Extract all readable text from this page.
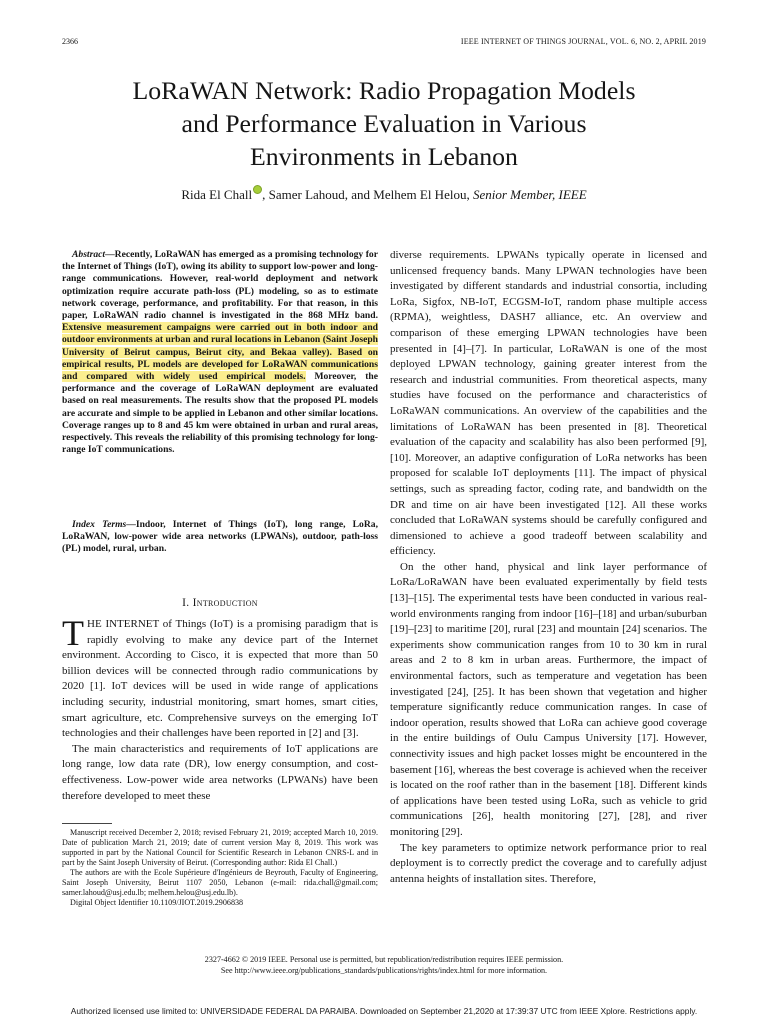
2366	IEEE INTERNET OF THINGS JOURNAL, VOL. 6, NO. 2, APRIL 2019
LoRaWAN Network: Radio Propagation Models
and Performance Evaluation in Various
Environments in Lebanon
Rida El Chall , Samer Lahoud, and Melhem El Helou, Senior Member, IEEE
Abstract—Recently, LoRaWAN has emerged as a promising technology for the Internet of Things (IoT), owing its ability to support low-power and long-range communications. However, real-world deployment and network optimization require accurate path-loss (PL) modeling, so as to estimate network coverage, performance, and profitability. For that reason, in this paper, LoRaWAN radio channel is investigated in the 868 MHz band. Extensive measurement campaigns were carried out in both indoor and outdoor environments at urban and rural locations in Lebanon (Saint Joseph University of Beirut campus, Beirut city, and Bekaa valley). Based on empirical results, PL models are developed for LoRaWAN communications and compared with widely used empirical models. Moreover, the performance and the coverage of LoRaWAN deployment are evaluated based on real measurements. The results show that the proposed PL models are accurate and simple to be applied in Lebanon and other similar locations. Coverage ranges up to 8 and 45 km were obtained in urban and rural areas, respectively. This reveals the reliability of this promising technology for long-range IoT communications.
Index Terms—Indoor, Internet of Things (IoT), long range, LoRa, LoRaWAN, low-power wide area networks (LPWANs), outdoor, path-loss (PL) model, rural, urban.
I. Introduction

THE INTERNET of Things (IoT) is a promising paradigm that is rapidly evolving to make any device part of the Internet environment. According to Cisco, it is expected that more than 50 billion devices will be connected through radio communications by 2020 [1]. IoT devices will be used in wide range of applications including security, industrial monitoring, smart homes, smart cities, smart agriculture, etc. Comprehensive surveys on the emerging IoT technologies and their challenges have been reported in [2] and [3].

The main characteristics and requirements of IoT applications are long range, low data rate (DR), low energy consumption, and cost-effectiveness. Low-power wide area networks (LPWANs) have been therefore developed to meet these

Manuscript received December 2, 2018; revised February 21, 2019; accepted March 10, 2019. Date of publication March 21, 2019; date of current version May 8, 2019. This work was supported in part by the National Council for Scientific Research in Lebanon CNRS-L and in part by the Saint Joseph University of Beirut. (Corresponding author: Rida El Chall.)

The authors are with the Ecole Supérieure d'Ingénieurs de Beyrouth, Faculty of Engineering, Saint Joseph University, Beirut 1107 2050, Lebanon (e-mail: rida.chall@gmail.com; samer.lahoud@usj.edu.lb; melhem.helou@usj.edu.lb).

Digital Object Identifier 10.1109/JIOT.2019.2906838

diverse requirements. LPWANs typically operate in licensed and unlicensed frequency bands. Many LPWAN technologies have been investigated by different standards and industrial consortia, including LoRa, Sigfox, NB-IoT, ECGSM-IoT, random phase multiple access (RPMA), weightless, DASH7 alliance, etc. An overview and comparison of these emerging LPWAN technologies have been presented in [4]–[7]. In particular, LoRaWAN is one of the most deployed LPWAN technology, gaining greater interest from the research and industrial communities. From theoretical aspects, many studies have focused on the performance and characteristics of LoRaWAN communications. An overview of the capabilities and the limitations of LoRaWAN has been presented in [8]. Theoretical evaluation of the capacity and scalability has also been performed [9], [10]. Moreover, an adaptive configuration of LoRa networks has been proposed for scalable IoT deployments [11]. The impact of physical settings, such as spreading factor, coding rate, and bandwidth on the DR and time on air have been investigated [12]. All these works concluded that LoRaWAN systems should be carefully configured and dimensioned to achieve a good tradeoff between scalability and efficiency.

On the other hand, physical and link layer performance of LoRa/LoRaWAN have been evaluated experimentally by field tests [13]–[15]. The experimental tests have been conducted in various real-world environments ranging from indoor [16]–[18] and urban/suburban [19]–[23] to maritime [20], rural [23] and mountain [24] scenarios. The experiments show communication ranges from 10 to 30 km in rural areas and 2 to 8 km in urban areas. Furthermore, the impact of environmental factors, such as temperature and vegetation has been investigated [24], [25]. It has been shown that vegetation and higher temperature significantly reduce communication ranges. In case of indoor operation, results showed that LoRa can achieve good coverage in the entire buildings of Oulu Campus University [17]. However, connectivity issues and high packet losses might be encountered in the basement [16], whereas the best coverage is achieved when the receiver is located on the roof rather than in the basement [18]. Different kinds of applications have been tested using LoRa, such as vehicle to grid communications [26], health monitoring [27], [28], and river monitoring [29].

The key parameters to optimize network performance prior to real deployment is to correctly predict the coverage and to carefully adjust antenna heights of installation sites. Therefore,

2327-4662 © 2019 IEEE. Personal use is permitted, but republication/redistribution requires IEEE permission.
See http://www.ieee.org/publications_standards/publications/rights/index.html for more information.
Authorized licensed use limited to: UNIVERSIDADE FEDERAL DA PARAIBA. Downloaded on September 21,2020 at 17:39:37 UTC from IEEE Xplore. Restrictions apply.
